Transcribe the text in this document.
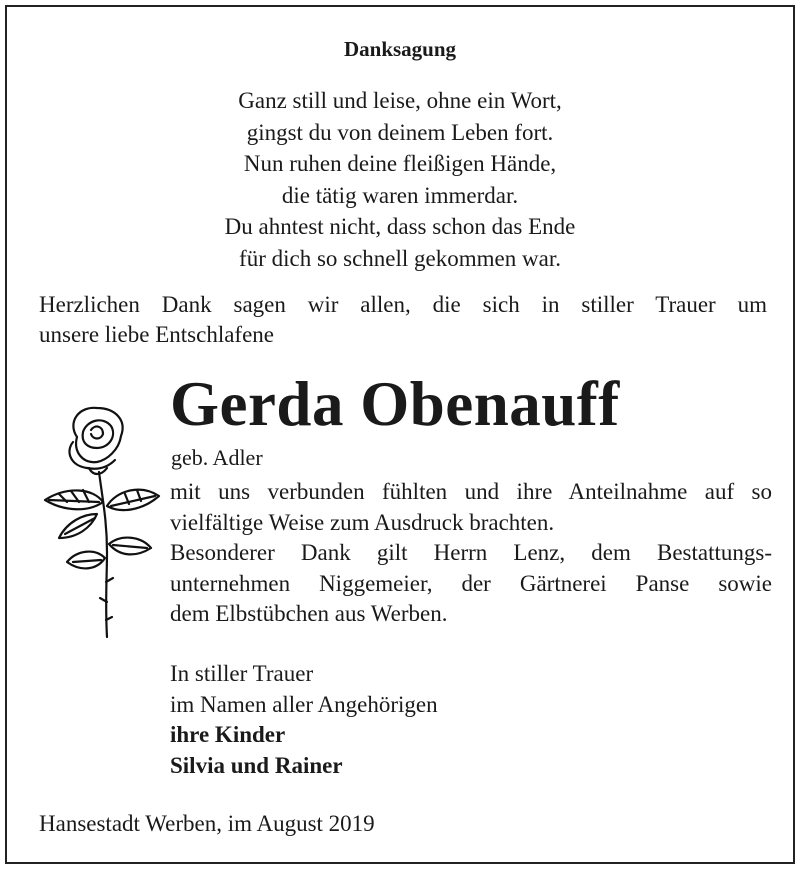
Danksagung
Ganz still und leise, ohne ein Wort,
gingst du von deinem Leben fort.
Nun ruhen deine fleißigen Hände,
die tätig waren immerdar.
Du ahntest nicht, dass schon das Ende
für dich so schnell gekommen war.
Herzlichen Dank sagen wir allen, die sich in stiller Trauer um
unsere liebe Entschlafene
Gerda Obenauff
geb. Adler
mit uns verbunden fühlten und ihre Anteilnahme auf so
vielfältige Weise zum Ausdruck brachten.
Besonderer Dank gilt Herrn Lenz, dem Bestattungs-
unternehmen Niggemeier, der Gärtnerei Panse sowie
dem Elbstübchen aus Werben.
In stiller Trauer
im Namen aller Angehörigen
ihre Kinder
Silvia und Rainer
Hansestadt Werben, im August 2019
